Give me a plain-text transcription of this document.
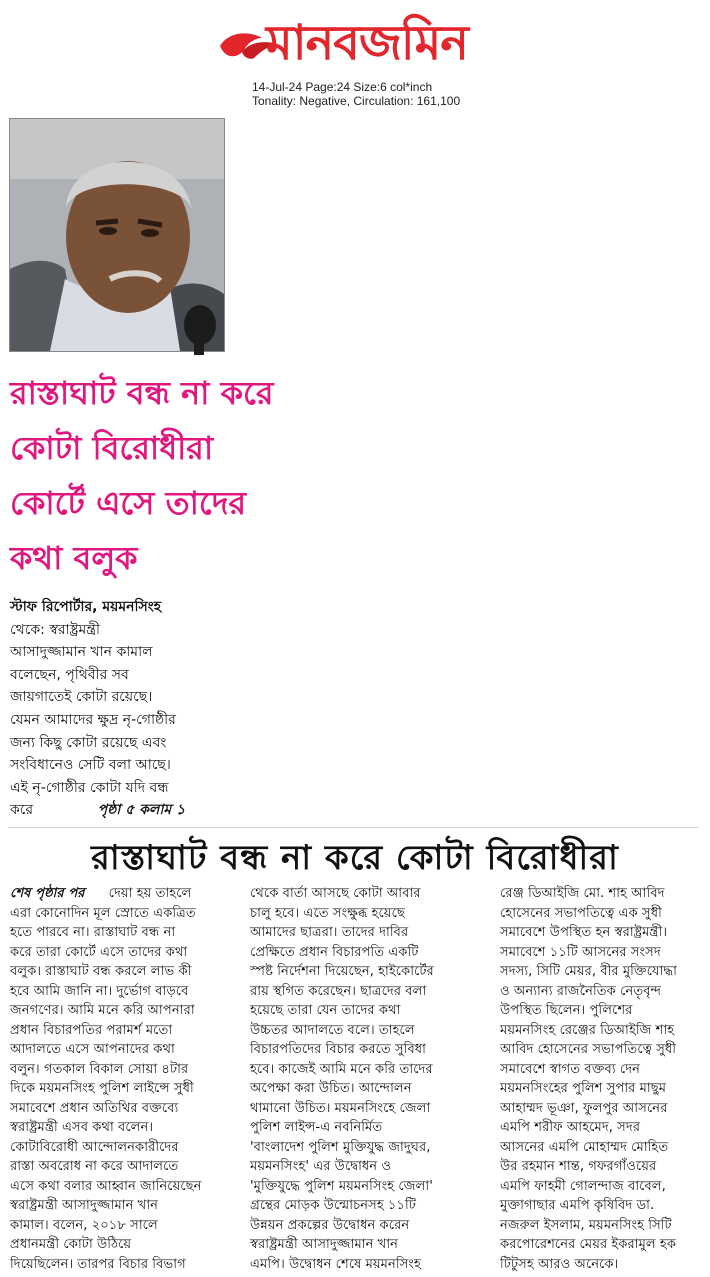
মানবজমিন
14-Jul-24 Page:24 Size:6 col*inch
Tonality: Negative, Circulation: 161,100
রাস্তাঘাট বন্ধ না করে
কোটা বিরোধীরা
কোর্টে এসে তাদের
কথা বলুক
স্টাফ রিপোর্টার, ময়মনসিংহ
থেকে: স্বরাষ্ট্রমন্ত্রী
আসাদুজ্জামান খান কামাল
বলেছেন, পৃথিবীর সব
জায়গাতেই কোটা রয়েছে।
যেমন আমাদের ক্ষুদ্র নৃ-গোষ্ঠীর
জন্য কিছু কোটা রয়েছে এবং
সংবিধানেও সেটি বলা আছে।
এই নৃ-গোষ্ঠীর কোটা যদি বন্ধ
করে	পৃষ্ঠা ৫ কলাম ১
রাস্তাঘাট বন্ধ না করে কোটা বিরোধীরা
শেষ পৃষ্ঠার পর দেয়া হয় তাহলে
এরা কোনোদিন মূল স্রোতে একত্রিত
হতে পারবে না। রাস্তাঘাট বন্ধ না
করে তারা কোর্টে এসে তাদের কথা
বলুক। রাস্তাঘাট বন্ধ করলে লাভ কী
হবে আমি জানি না। দুর্ভোগ বাড়বে
জনগণের। আমি মনে করি আপনারা
প্রধান বিচারপতির পরামর্শ মতো
আদালতে এসে আপনাদের কথা
বলুন। গতকাল বিকাল সোয়া ৪টার
দিকে ময়মনসিংহ পুলিশ লাইন্সে সুধী
সমাবেশে প্রধান অতিথির বক্তব্যে
স্বরাষ্ট্রমন্ত্রী এসব কথা বলেন।
কোটাবিরোধী আন্দোলনকারীদের
রাস্তা অবরোধ না করে আদালতে
এসে কথা বলার আহ্বান জানিয়েছেন
স্বরাষ্ট্রমন্ত্রী আসাদুজ্জামান খান
কামাল। বলেন, ২০১৮ সালে
প্রধানমন্ত্রী কোটা উঠিয়ে
দিয়েছিলেন। তারপর বিচার বিভাগ
থেকে বার্তা আসছে কোটা আবার
চালু হবে। এতে সংক্ষুব্ধ হয়েছে
আমাদের ছাত্ররা। তাদের দাবির
প্রেক্ষিতে প্রধান বিচারপতি একটি
স্পষ্ট নির্দেশনা দিয়েছেন, হাইকোর্টের
রায় স্থগিত করেছেন। ছাত্রদের বলা
হয়েছে তারা যেন তাদের কথা
উচ্চতর আদালতে বলে। তাহলে
বিচারপতিদের বিচার করতে সুবিধা
হবে। কাজেই আমি মনে করি তাদের
অপেক্ষা করা উচিত। আন্দোলন
থামানো উচিত। ময়মনসিংহে জেলা
পুলিশ লাইন্স-এ নবনির্মিত
'বাংলাদেশ পুলিশ মুক্তিযুদ্ধ জাদুঘর,
ময়মনসিংহ' এর উদ্বোধন ও
'মুক্তিযুদ্ধে পুলিশ ময়মনসিংহ জেলা'
গ্রন্থের মোড়ক উন্মোচনসহ ১১টি
উন্নয়ন প্রকল্পের উদ্বোধন করেন
স্বরাষ্ট্রমন্ত্রী আসাদুজ্জামান খান
এমপি। উদ্বোধন শেষে ময়মনসিংহ
রেঞ্জ ডিআইজি মো. শাহ আবিদ
হোসেনের সভাপতিত্বে এক সুধী
সমাবেশে উপস্থিত হন স্বরাষ্ট্রমন্ত্রী।
সমাবেশে ১১টি আসনের সংসদ
সদস্য, সিটি মেয়র, বীর মুক্তিযোদ্ধা
ও অন্যান্য রাজনৈতিক নেতৃবৃন্দ
উপস্থিত ছিলেন। পুলিশের
ময়মনসিংহ রেঞ্জের ডিআইজি শাহ
আবিদ হোসেনের সভাপতিত্বে সুধী
সমাবেশে স্বাগত বক্তব্য দেন
ময়মনসিংহের পুলিশ সুপার মাছুম
আহাম্মদ ভূঞা, ফুলপুর আসনের
এমপি শরীফ আহমেদ, সদর
আসনের এমপি মোহাম্মদ মোহিত
উর রহমান শান্ত, গফরগাঁওয়ের
এমপি ফাহমী গোলন্দাজ বাবেল,
মুক্তাগাছার এমপি কৃষিবিদ ডা.
নজরুল ইসলাম, ময়মনসিংহ সিটি
করপোরেশনের মেয়র ইকরামুল হক
টিটুসহ আরও অনেকে।
